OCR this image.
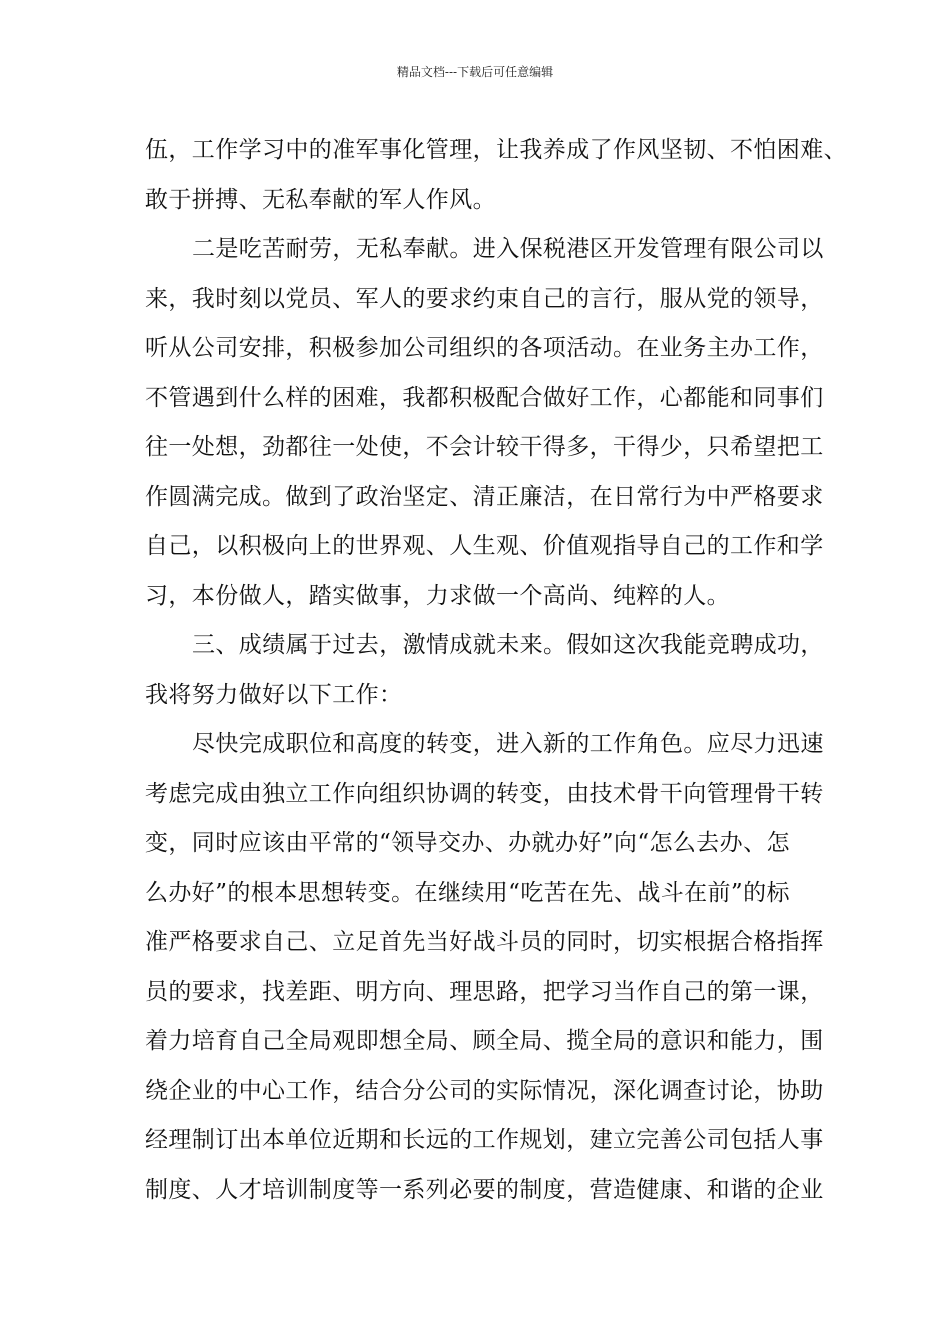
精品文档---下载后可任意编辑
伍，工作学习中的准军事化管理，让我养成了作风坚韧、不怕困难、
敢于拼搏、无私奉献的军人作风。
二是吃苦耐劳，无私奉献。进入保税港区开发管理有限公司以
来，我时刻以党员、军人的要求约束自己的言行，服从党的领导，
听从公司安排，积极参加公司组织的各项活动。在业务主办工作，
不管遇到什么样的困难，我都积极配合做好工作，心都能和同事们
往一处想，劲都往一处使，不会计较干得多，干得少，只希望把工
作圆满完成。做到了政治坚定、清正廉洁，在日常行为中严格要求
自己，以积极向上的世界观、人生观、价值观指导自己的工作和学
习，本份做人，踏实做事，力求做一个高尚、纯粹的人。
三、成绩属于过去，激情成就未来。假如这次我能竞聘成功，
我将努力做好以下工作：
尽快完成职位和高度的转变，进入新的工作角色。应尽力迅速
考虑完成由独立工作向组织协调的转变，由技术骨干向管理骨干转
变，同时应该由平常的“领导交办、办就办好”向“怎么去办、怎
么办好”的根本思想转变。在继续用“吃苦在先、战斗在前”的标
准严格要求自己、立足首先当好战斗员的同时，切实根据合格指挥
员的要求，找差距、明方向、理思路，把学习当作自己的第一课，
着力培育自己全局观即想全局、顾全局、揽全局的意识和能力，围
绕企业的中心工作，结合分公司的实际情况，深化调查讨论，协助
经理制订出本单位近期和长远的工作规划，建立完善公司包括人事
制度、人才培训制度等一系列必要的制度，营造健康、和谐的企业
